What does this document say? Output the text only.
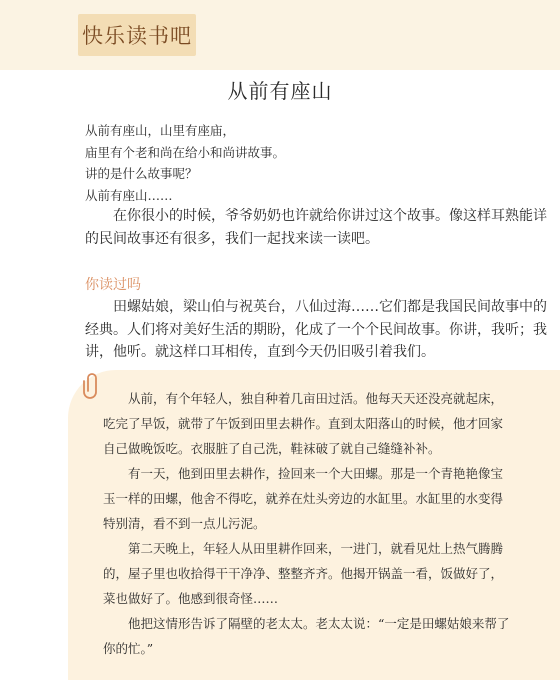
快乐读书吧
从前有座山
从前有座山，山里有座庙，
庙里有个老和尚在给小和尚讲故事。
讲的是什么故事呢？
从前有座山……
在你很小的时候，爷爷奶奶也许就给你讲过这个故事。像这样耳熟能详
的民间故事还有很多，我们一起找来读一读吧。
你读过吗
田螺姑娘，梁山伯与祝英台，八仙过海……它们都是我国民间故事中的
经典。人们将对美好生活的期盼，化成了一个个民间故事。你讲，我听；我
讲，他听。就这样口耳相传，直到今天仍旧吸引着我们。
从前，有个年轻人，独自种着几亩田过活。他每天天还没亮就起床，
吃完了早饭，就带了午饭到田里去耕作。直到太阳落山的时候，他才回家
自己做晚饭吃。衣服脏了自己洗，鞋袜破了就自己缝缝补补。
有一天，他到田里去耕作，捡回来一个大田螺。那是一个青艳艳像宝
玉一样的田螺，他舍不得吃，就养在灶头旁边的水缸里。水缸里的水变得
特别清，看不到一点儿污泥。
第二天晚上，年轻人从田里耕作回来，一进门，就看见灶上热气腾腾
的，屋子里也收拾得干干净净、整整齐齐。他揭开锅盖一看，饭做好了，
菜也做好了。他感到很奇怪……
他把这情形告诉了隔壁的老太太。老太太说：“一定是田螺姑娘来帮了
你的忙。”
